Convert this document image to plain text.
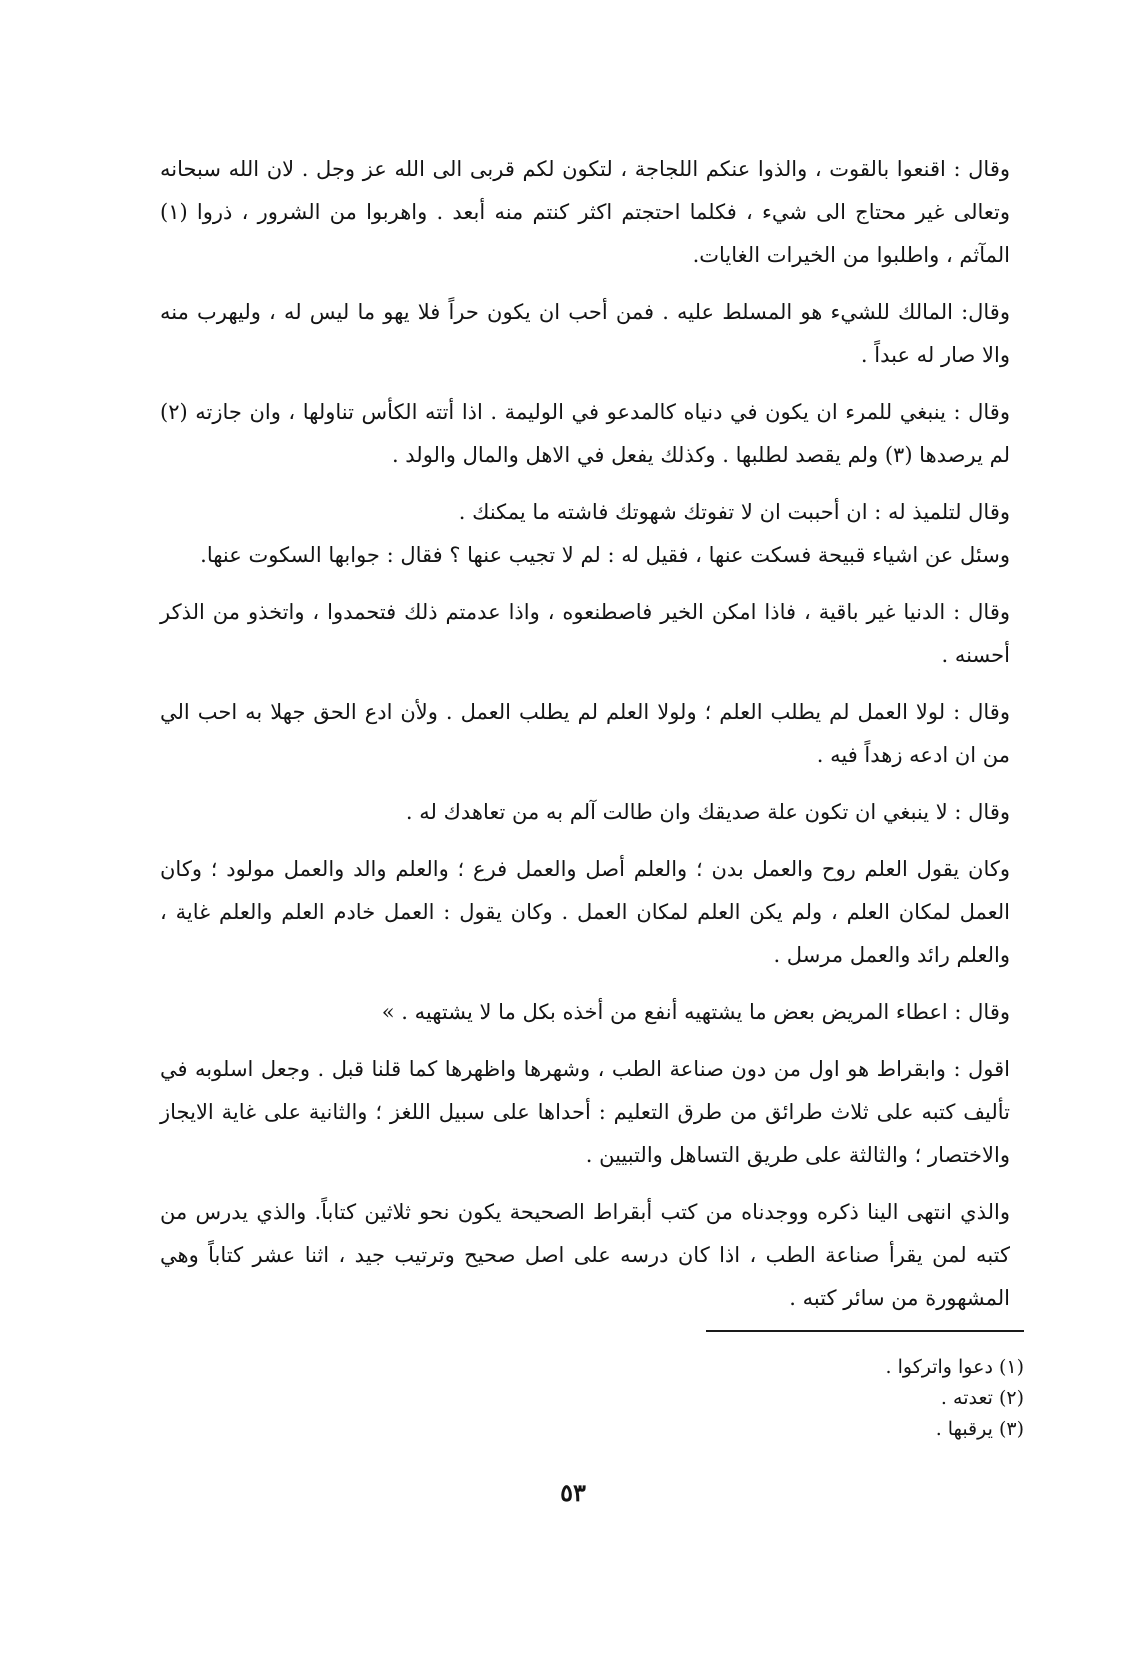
وقال : اقنعوا بالقوت ، والذوا عنكم اللجاجة ، لتكون لكم قربى الى الله عز وجل . لان الله سبحانه وتعالى غير محتاج الى شيء ، فكلما احتجتم اكثر كنتم منه أبعد . واهربوا من الشرور ، ذروا (١) المآثم ، واطلبوا من الخيرات الغايات.

وقال: المالك للشيء هو المسلط عليه . فمن أحب ان يكون حراً فلا يهو ما ليس له ، وليهرب منه والا صار له عبداً .

وقال : ينبغي للمرء ان يكون في دنياه كالمدعو في الوليمة . اذا أتته الكأس تناولها ، وان جازته (٢) لم يرصدها (٣) ولم يقصد لطلبها . وكذلك يفعل في الاهل والمال والولد .

وقال لتلميذ له : ان أحببت ان لا تفوتك شهوتك فاشته ما يمكنك .
وسئل عن اشياء قبيحة فسكت عنها ، فقيل له : لم لا تجيب عنها ؟ فقال : جوابها السكوت عنها.

وقال : الدنيا غير باقية ، فاذا امكن الخير فاصطنعوه ، واذا عدمتم ذلك فتحمدوا ، واتخذو من الذكر أحسنه .

وقال : لولا العمل لم يطلب العلم ؛ ولولا العلم لم يطلب العمل . ولأن ادع الحق جهلا به احب الي من ان ادعه زهداً فيه .

وقال : لا ينبغي ان تكون علة صديقك وان طالت آلم به من تعاهدك له .

وكان يقول العلم روح والعمل بدن ؛ والعلم أصل والعمل فرع ؛ والعلم والد والعمل مولود ؛ وكان العمل لمكان العلم ، ولم يكن العلم لمكان العمل . وكان يقول : العمل خادم العلم والعلم غاية ، والعلم رائد والعمل مرسل .

وقال : اعطاء المريض بعض ما يشتهيه أنفع من أخذه بكل ما لا يشتهيه . »

اقول : وابقراط هو اول من دون صناعة الطب ، وشهرها واظهرها كما قلنا قبل . وجعل اسلوبه في تأليف كتبه على ثلاث طرائق من طرق التعليم : أحداها على سبيل اللغز ؛ والثانية على غاية الايجاز والاختصار ؛ والثالثة على طريق التساهل والتبيين .

والذي انتهى الينا ذكره ووجدناه من كتب أبقراط الصحيحة يكون نحو ثلاثين كتاباً. والذي يدرس من كتبه لمن يقرأ صناعة الطب ، اذا كان درسه على اصل صحيح وترتيب جيد ، اثنا عشر كتاباً وهي المشهورة من سائر كتبه .

(١) دعوا واتركوا .

(٢) تعدته .

(٣) يرقبها .

٥٣
